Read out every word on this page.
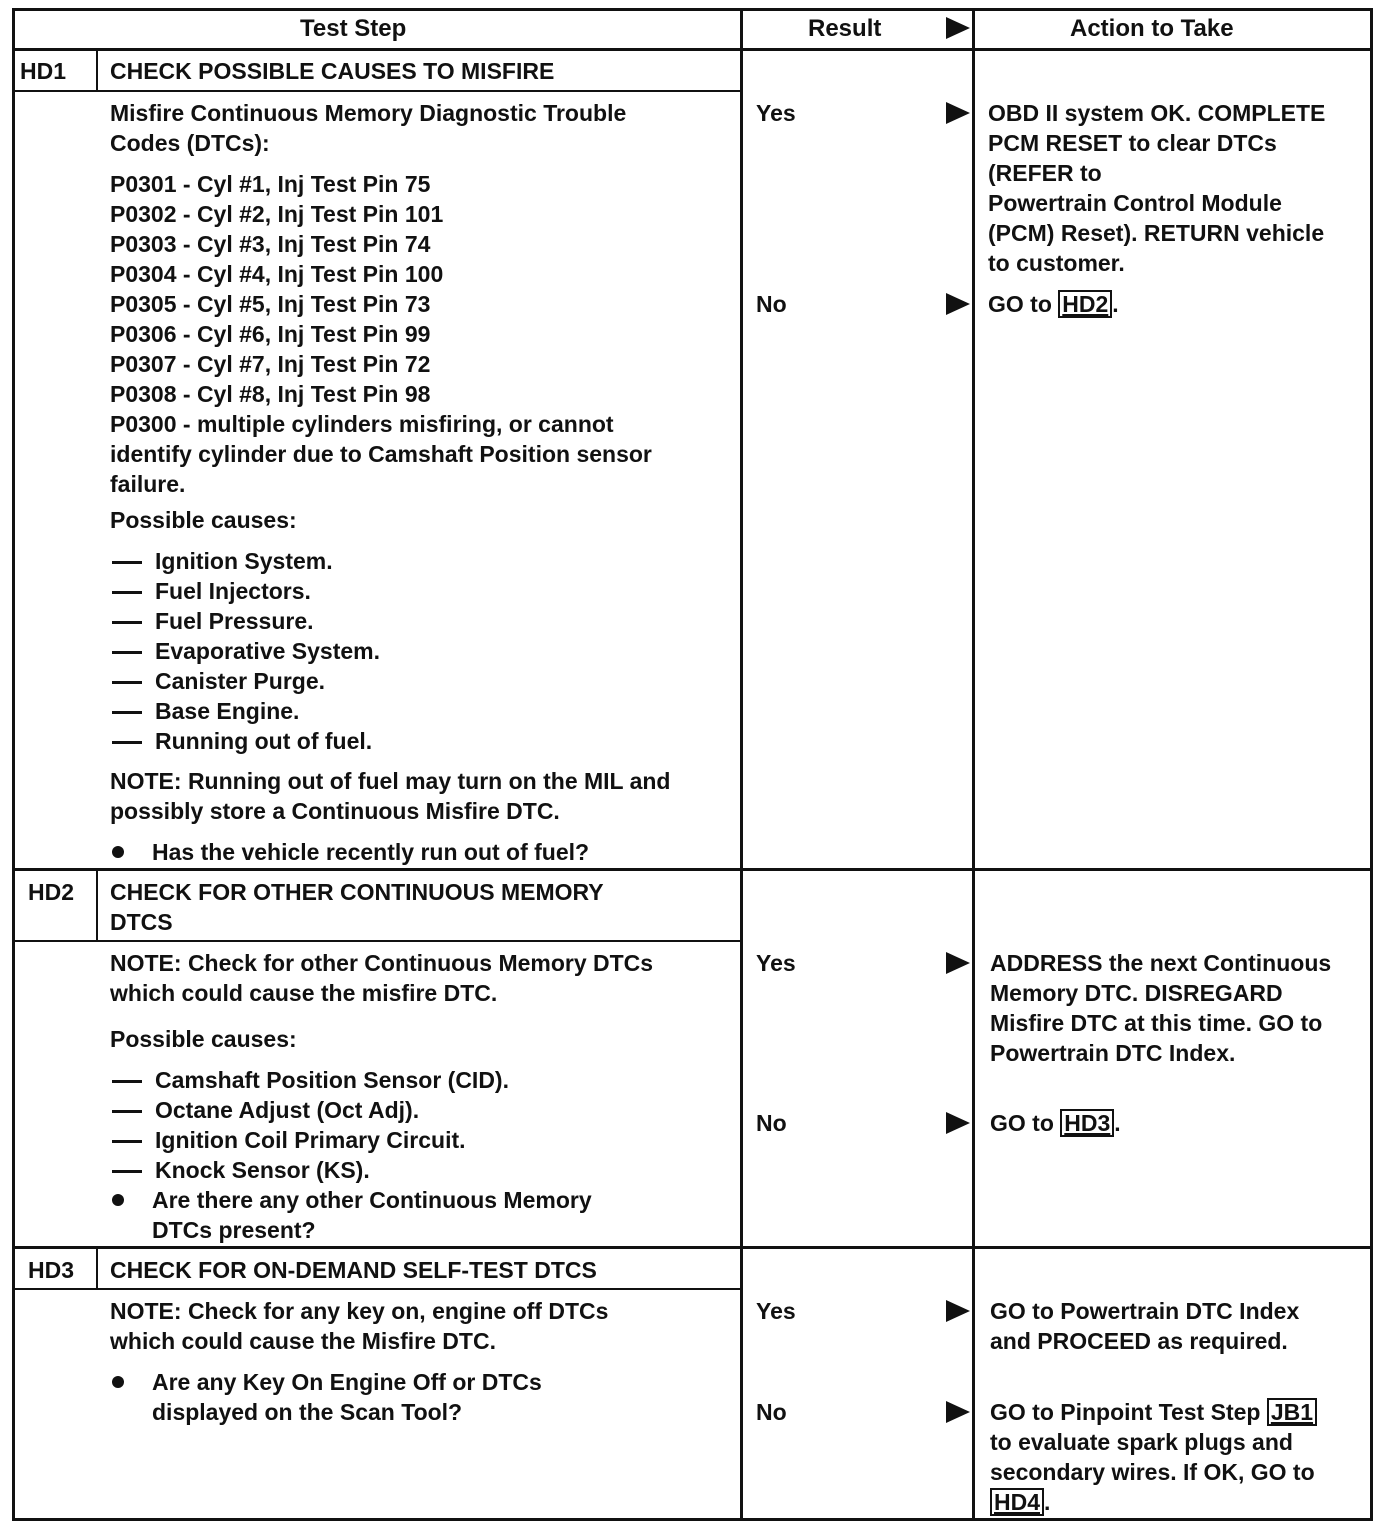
Test Step	Result	Action to Take
HD1 CHECK POSSIBLE CAUSES TO MISFIRE
Misfire Continuous Memory Diagnostic Trouble
Codes (DTCs):
P0301 - Cyl #1, Inj Test Pin 75
P0302 - Cyl #2, Inj Test Pin 101
P0303 - Cyl #3, Inj Test Pin 74
P0304 - Cyl #4, Inj Test Pin 100
P0305 - Cyl #5, Inj Test Pin 73
P0306 - Cyl #6, Inj Test Pin 99
P0307 - Cyl #7, Inj Test Pin 72
P0308 - Cyl #8, Inj Test Pin 98
P0300 - multiple cylinders misfiring, or cannot
identify cylinder due to Camshaft Position sensor
failure.
Possible causes:
Ignition System.
Fuel Injectors.
Fuel Pressure.
Evaporative System.
Canister Purge.
Base Engine.
Running out of fuel.
NOTE: Running out of fuel may turn on the MIL and
possibly store a Continuous Misfire DTC.
Has the vehicle recently run out of fuel?
Yes	OBD II system OK. COMPLETE
PCM RESET to clear DTCs
(REFER to
Powertrain Control Module
(PCM) Reset). RETURN vehicle
to customer.
No	GO to HD2 .
HD2 CHECK FOR OTHER CONTINUOUS MEMORY
DTCS
NOTE: Check for other Continuous Memory DTCs
which could cause the misfire DTC.
Possible causes:
Camshaft Position Sensor (CID).
Octane Adjust (Oct Adj).
Ignition Coil Primary Circuit.
Knock Sensor (KS).
Are there any other Continuous Memory
DTCs present?
Yes	ADDRESS the next Continuous
Memory DTC. DISREGARD
Misfire DTC at this time. GO to
Powertrain DTC Index.
No	GO to HD3 .
HD3 CHECK FOR ON-DEMAND SELF-TEST DTCS
NOTE: Check for any key on, engine off DTCs
which could cause the Misfire DTC.
Are any Key On Engine Off or DTCs
displayed on the Scan Tool?
Yes	GO to Powertrain DTC Index
and PROCEED as required.
No	GO to Pinpoint Test Step JB1
to evaluate spark plugs and
secondary wires. If OK, GO to
HD4 .
